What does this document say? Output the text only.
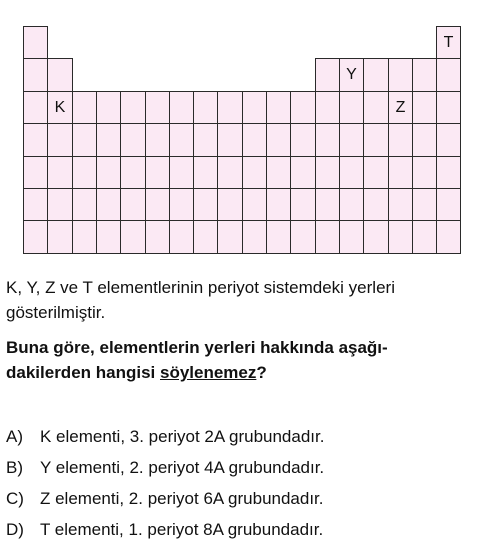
T
Y
K	Z
K, Y, Z ve T elementlerinin periyot sistemdeki yerleri
gösterilmiştir.
Buna göre, elementlerin yerleri hakkında aşağı-
dakilerden hangisi söylenemez?
A) K elementi, 3. periyot 2A grubundadır.
B) Y elementi, 2. periyot 4A grubundadır.
C) Z elementi, 2. periyot 6A grubundadır.
D) T elementi, 1. periyot 8A grubundadır.
